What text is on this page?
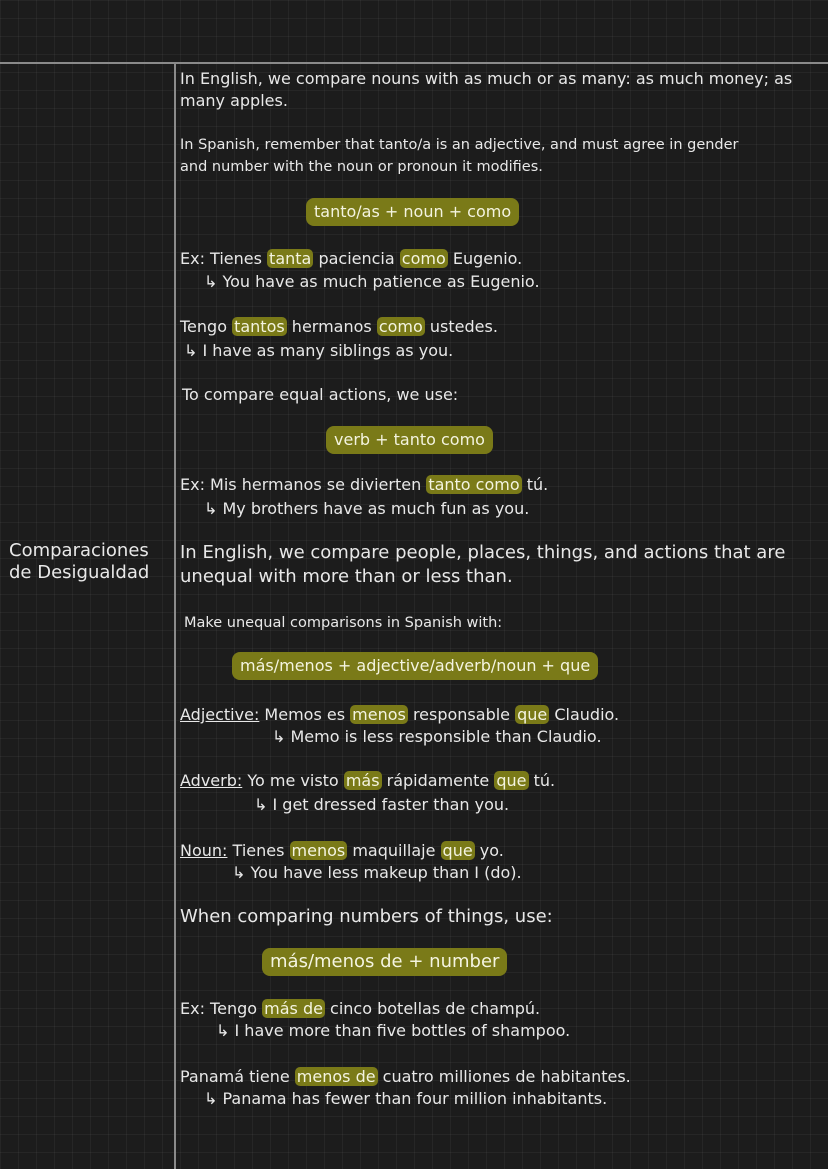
Comparaciones
de Desigualdad
In English, we compare nouns with as much or as many: as much money; as
many apples.
In Spanish, remember that tanto/a is an adjective, and must agree in gender
and number with the noun or pronoun it modifies.
tanto/as + noun + como
Ex: Tienes tanta paciencia como Eugenio.
↳ You have as much patience as Eugenio.
Tengo tantos hermanos como ustedes.
↳ I have as many siblings as you.
To compare equal actions, we use:
verb + tanto como
Ex: Mis hermanos se divierten tanto como tú.
↳ My brothers have as much fun as you.
In English, we compare people, places, things, and actions that are
unequal with more than or less than.
Make unequal comparisons in Spanish with:
más/menos + adjective/adverb/noun + que
Adjective: Memos es menos responsable que Claudio.
↳ Memo is less responsible than Claudio.
Adverb: Yo me visto más rápidamente que tú.
↳ I get dressed faster than you.
Noun: Tienes menos maquillaje que yo.
↳ You have less makeup than I (do).
When comparing numbers of things, use:
más/menos de + number
Ex: Tengo más de cinco botellas de champú.
↳ I have more than five bottles of shampoo.
Panamá tiene menos de cuatro milliones de habitantes.
↳ Panama has fewer than four million inhabitants.
